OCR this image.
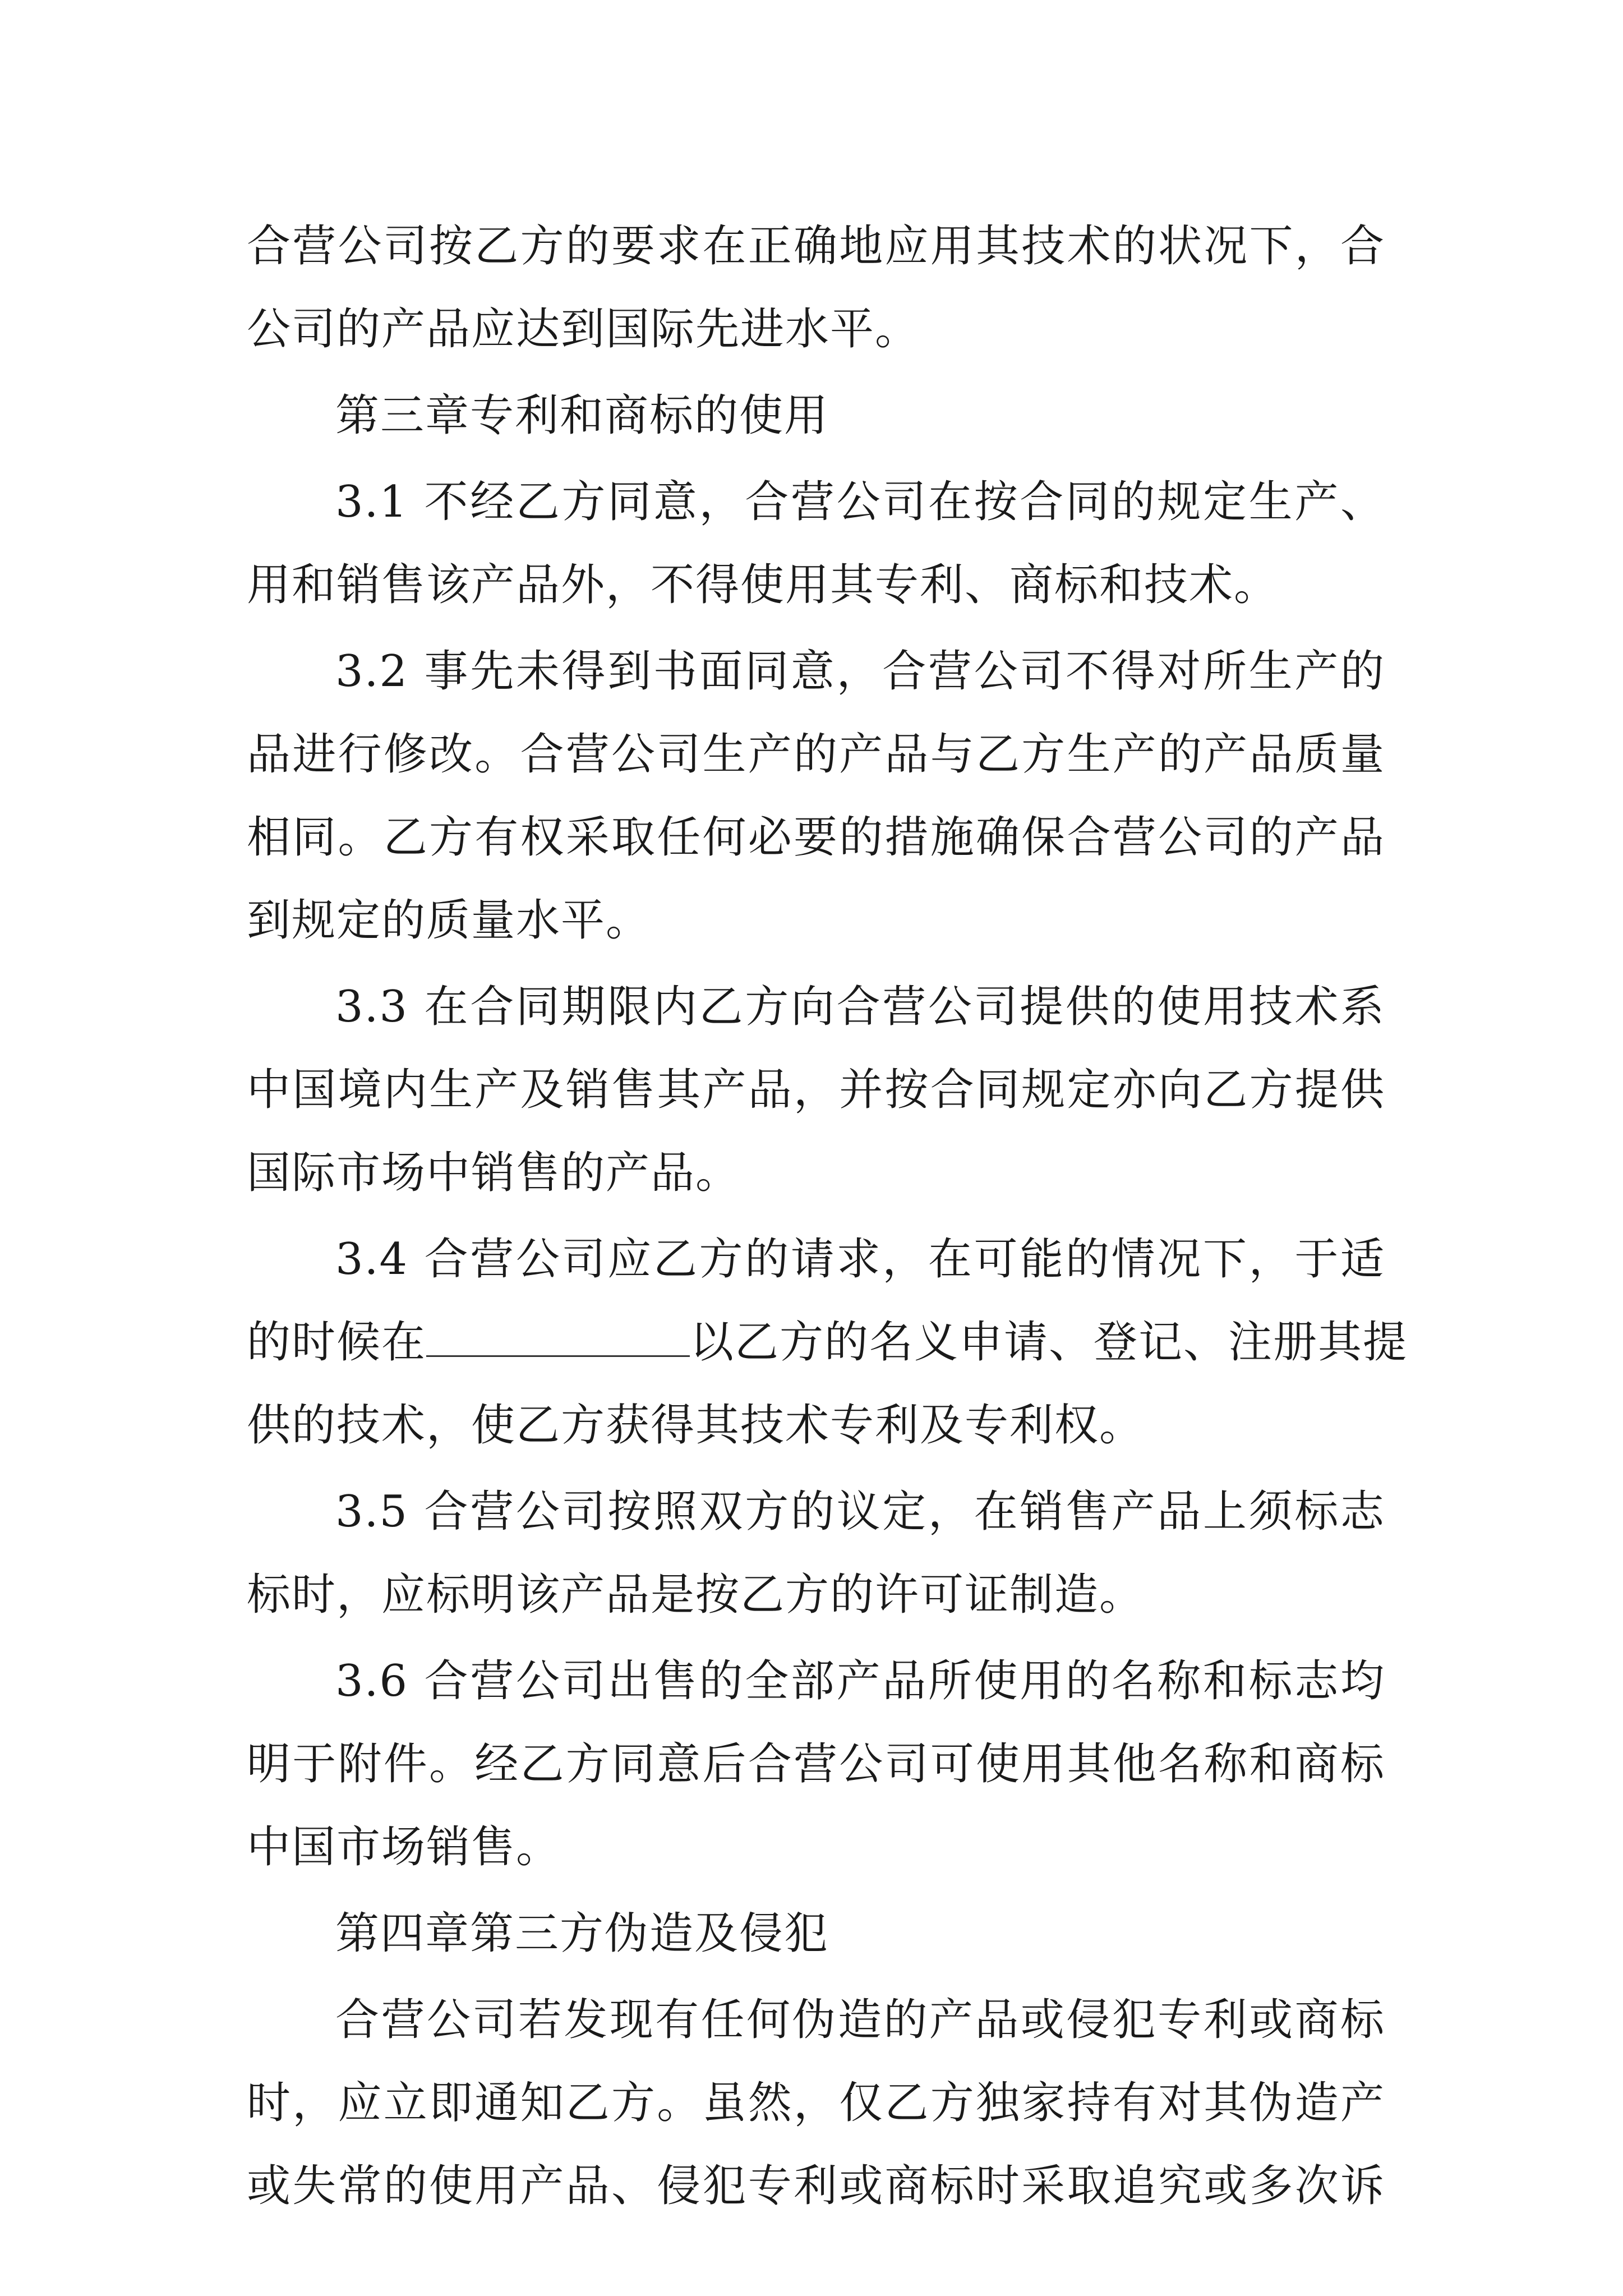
合营公司按乙方的要求在正确地应用其技术的状况下，合
公司的产品应达到国际先进水平。
第三章专利和商标的使用
3.1 不经乙方同意，合营公司在按合同的规定生产、
用和销售该产品外，不得使用其专利、商标和技术。
3.2 事先未得到书面同意，合营公司不得对所生产的
品进行修改。合营公司生产的产品与乙方生产的产品质量
相同。乙方有权采取任何必要的措施确保合营公司的产品
到规定的质量水平。
3.3 在合同期限内乙方向合营公司提供的使用技术系
中国境内生产及销售其产品，并按合同规定亦向乙方提供
国际市场中销售的产品。
3.4 合营公司应乙方的请求，在可能的情况下，于适
的时候在	以乙方的名义申请、登记、注册其提
供的技术，使乙方获得其技术专利及专利权。
3.5 合营公司按照双方的议定，在销售产品上须标志
标时，应标明该产品是按乙方的许可证制造。
3.6 合营公司出售的全部产品所使用的名称和标志均
明于附件。经乙方同意后合营公司可使用其他名称和商标
中国市场销售。
第四章第三方伪造及侵犯
合营公司若发现有任何伪造的产品或侵犯专利或商标
时，应立即通知乙方。虽然，仅乙方独家持有对其伪造产
或失常的使用产品、侵犯专利或商标时采取追究或多次诉
